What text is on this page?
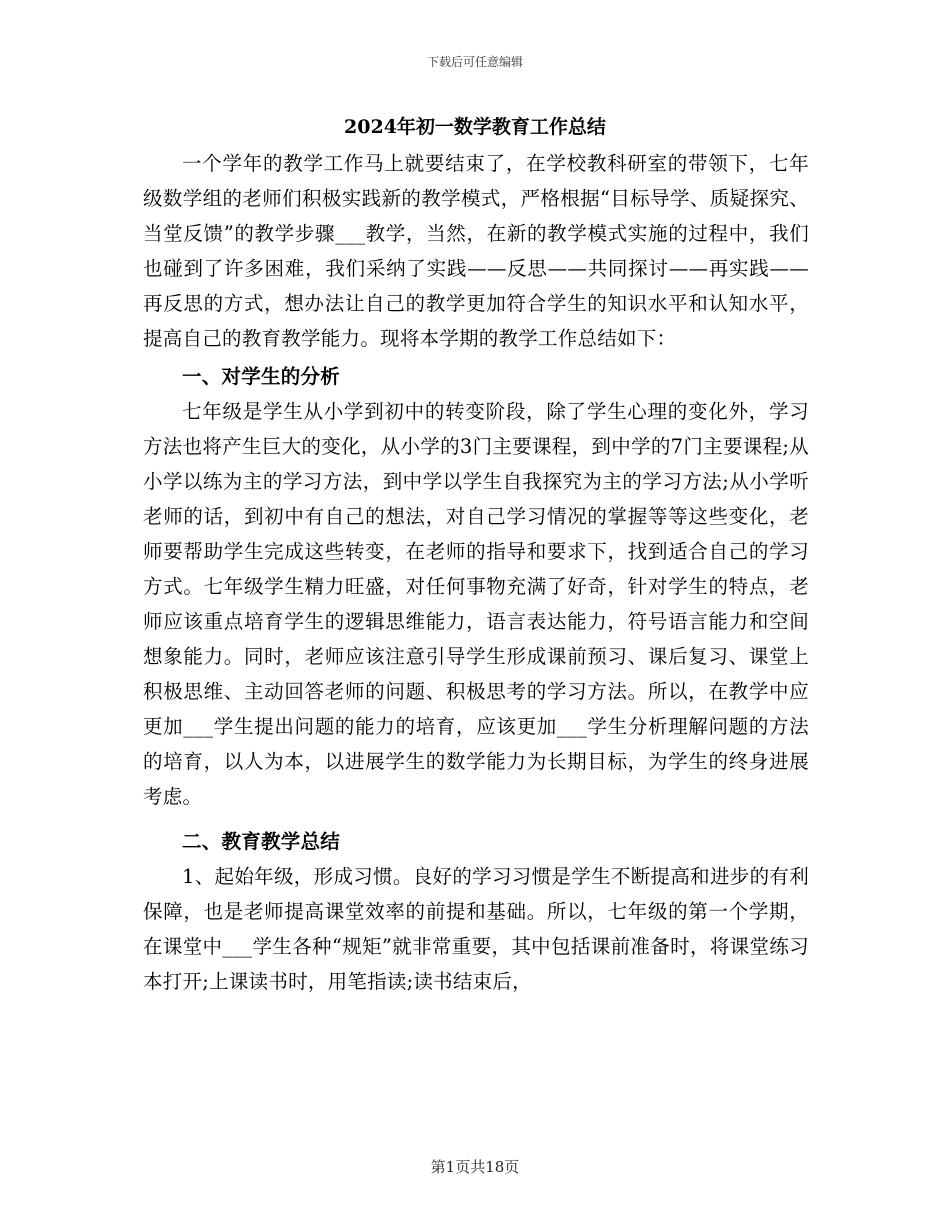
下载后可任意编辑
2024年初一数学教育工作总结

一个学年的教学工作马上就要结束了，在学校教科研室的带领下，七年级数学组的老师们积极实践新的教学模式，严格根据“目标导学、质疑探究、当堂反馈”的教学步骤___教学，当然，在新的教学模式实施的过程中，我们也碰到了许多困难，我们采纳了实践——反思——共同探讨——再实践——再反思的方式，想办法让自己的教学更加符合学生的知识水平和认知水平，提高自己的教育教学能力。现将本学期的教学工作总结如下：

一、对学生的分析

七年级是学生从小学到初中的转变阶段，除了学生心理的变化外，学习方法也将产生巨大的变化，从小学的3门主要课程，到中学的7门主要课程;从小学以练为主的学习方法，到中学以学生自我探究为主的学习方法;从小学听老师的话，到初中有自己的想法，对自己学习情况的掌握等等这些变化，老师要帮助学生完成这些转变，在老师的指导和要求下，找到适合自己的学习方式。七年级学生精力旺盛，对任何事物充满了好奇，针对学生的特点，老师应该重点培育学生的逻辑思维能力，语言表达能力，符号语言能力和空间想象能力。同时，老师应该注意引导学生形成课前预习、课后复习、课堂上积极思维、主动回答老师的问题、积极思考的学习方法。所以，在教学中应更加___学生提出问题的能力的培育，应该更加___学生分析理解问题的方法的培育，以人为本，以进展学生的数学能力为长期目标，为学生的终身进展考虑。

二、教育教学总结

1、起始年级，形成习惯。良好的学习习惯是学生不断提高和进步的有利保障，也是老师提高课堂效率的前提和基础。所以，七年级的第一个学期，在课堂中___学生各种“规矩”就非常重要，其中包括课前准备时，将课堂练习本打开;上课读书时，用笔指读;读书结束后，

第1页共18页
